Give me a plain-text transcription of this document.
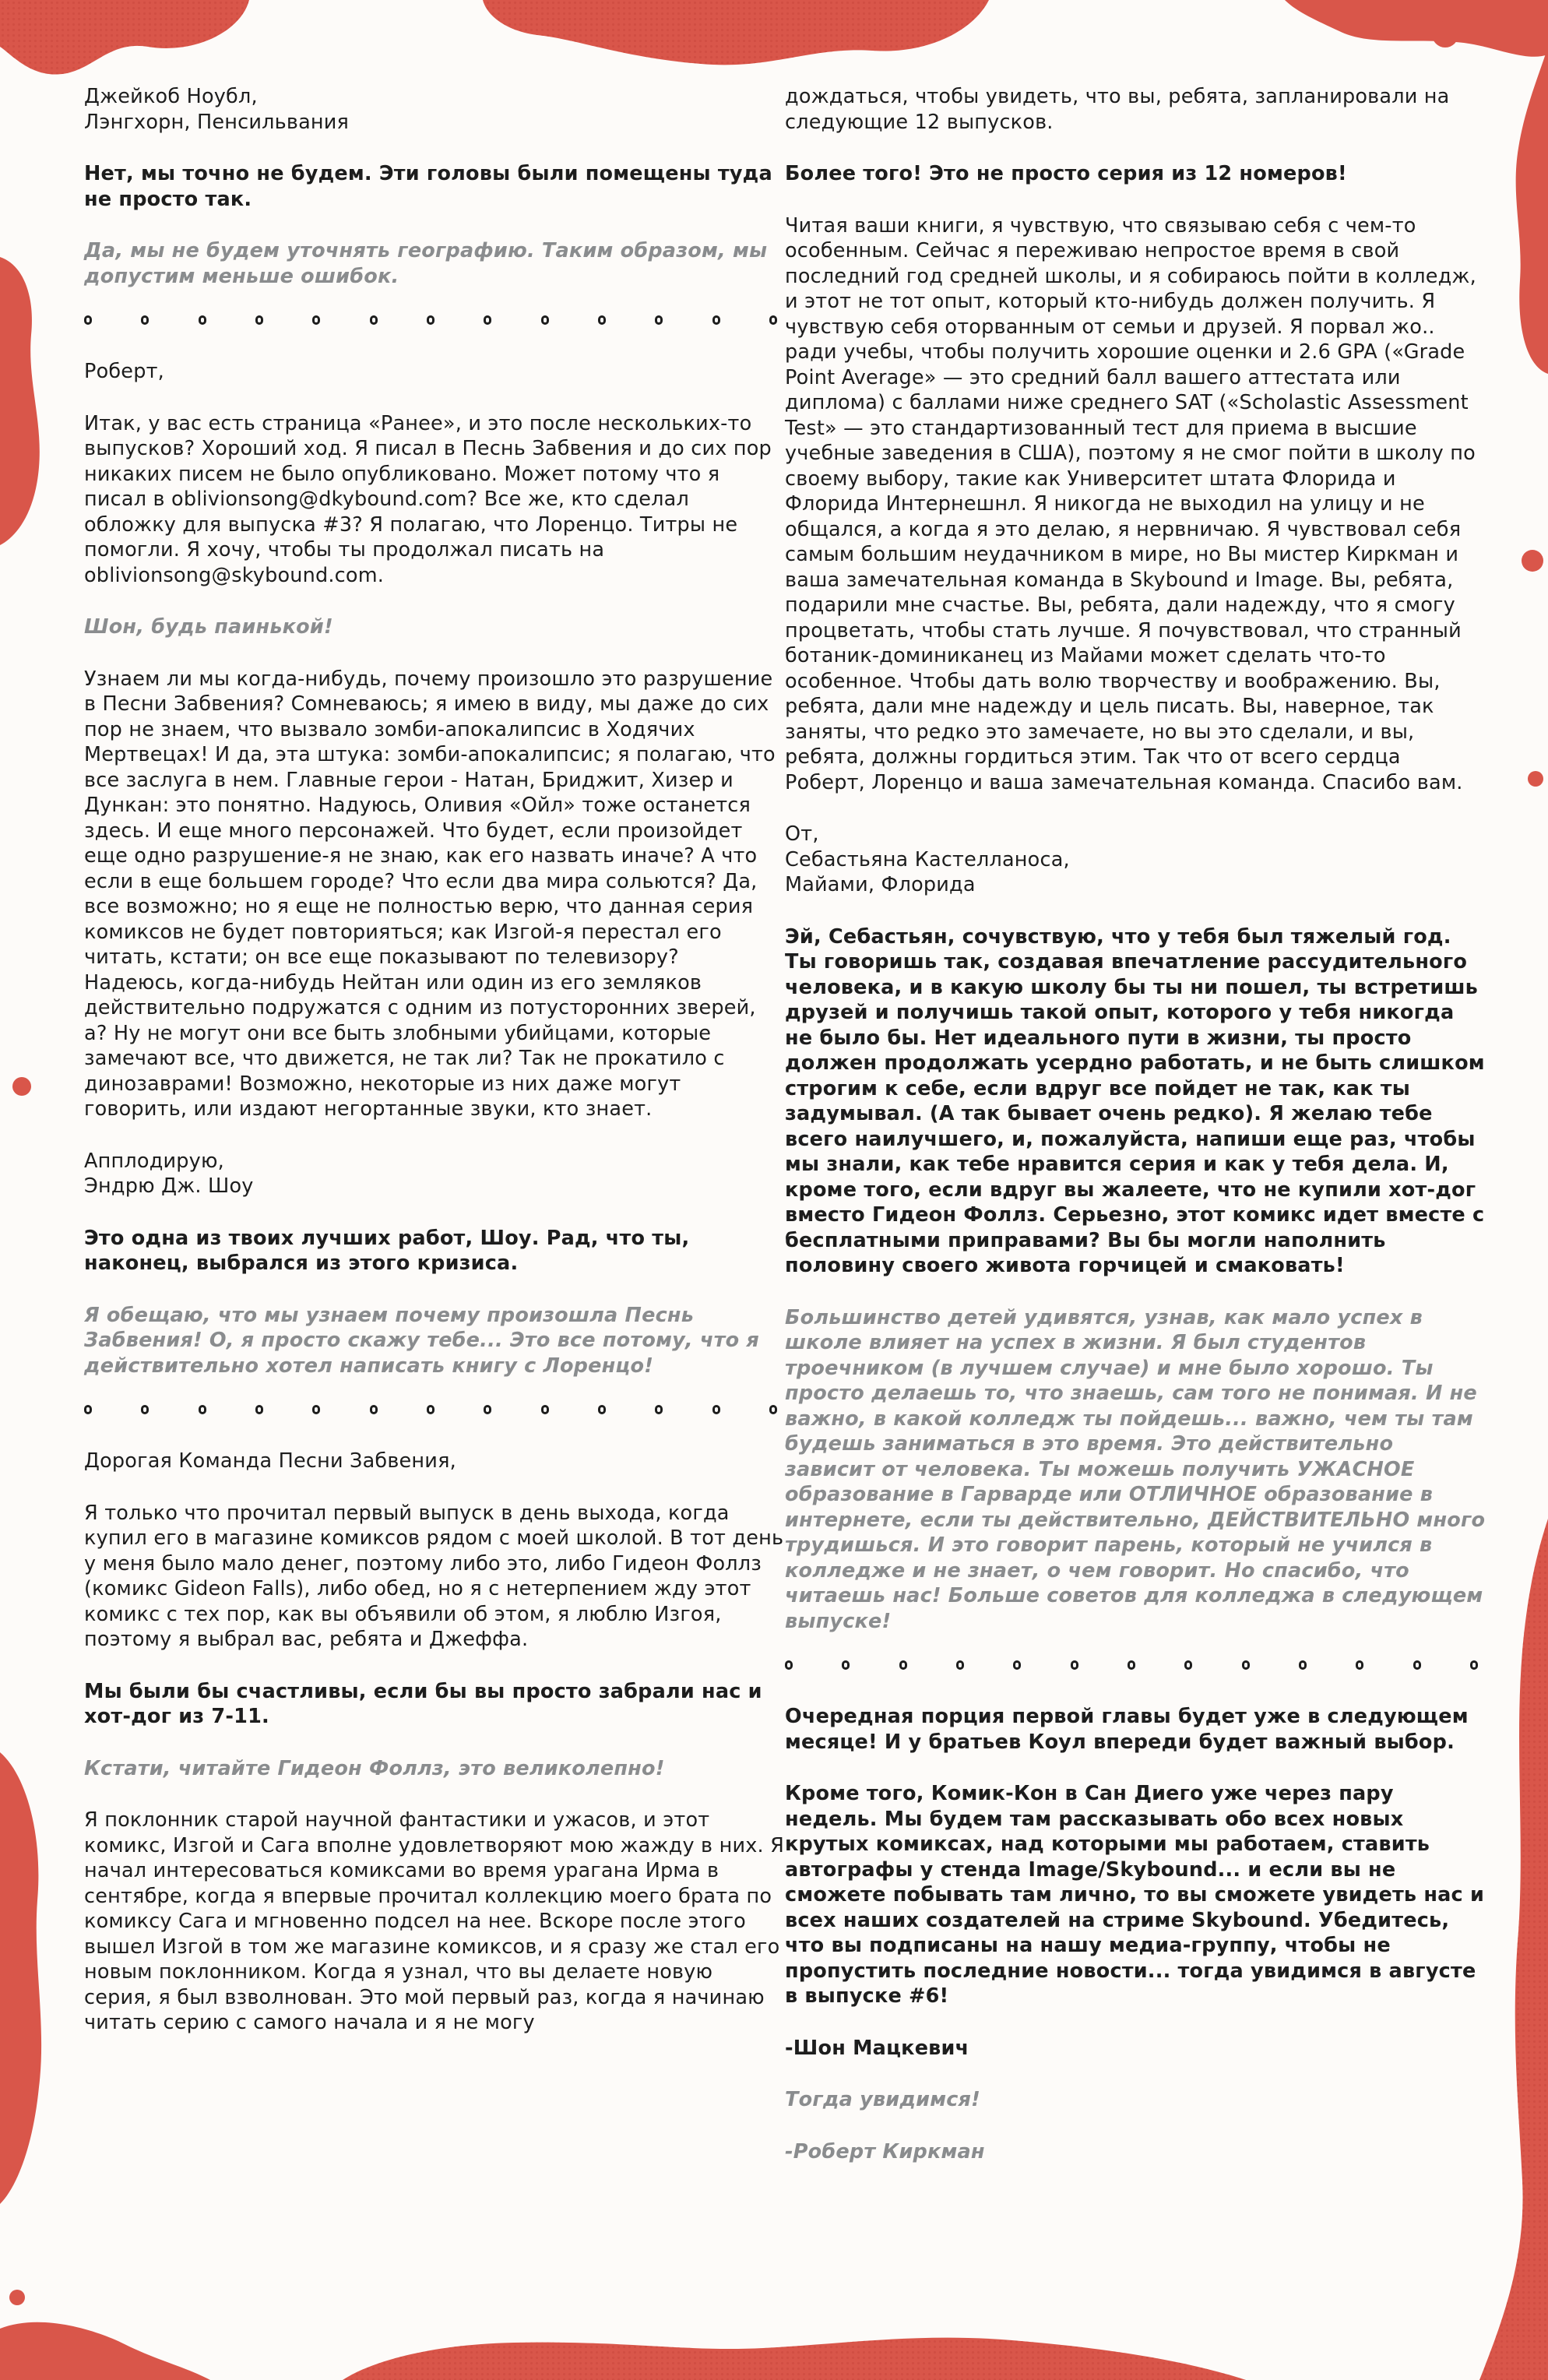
Джейкоб Ноубл,
Лэнгхорн, Пенсильвания

Нет, мы точно не будем. Эти головы были помещены туда не просто так.

Да, мы не будем уточнять географию. Таким образом, мы допустим меньше ошибок.

Роберт,

Итак, у вас есть страница «Ранее», и это после нескольких-то выпусков? Хороший ход. Я писал в Песнь Забвения и до сих пор никаких писем не было опубликовано. Может потому что я писал в oblivionsong@dkybound.com? Все же, кто сделал обложку для выпуска #3? Я полагаю, что Лоренцо. Титры не помогли. Я хочу, чтобы ты продолжал писать на oblivionsong@skybound.com.

Шон, будь паинькой!

Узнаем ли мы когда-нибудь, почему произошло это разрушение в Песни Забвения? Сомневаюсь; я имею в виду, мы даже до сих пор не знаем, что вызвало зомби-апокалипсис в Ходячих Мертвецах! И да, эта штука: зомби-апокалипсис; я полагаю, что все заслуга в нем. Главные герои - Натан, Бриджит, Хизер и Дункан: это понятно. Надуюсь, Оливия «Ойл» тоже останется здесь. И еще много персонажей. Что будет, если произойдет еще одно разрушение-я не знаю, как его назвать иначе? А что если в еще большем городе? Что если два мира сольются? Да, все возможно; но я еще не полностью верю, что данная серия комиксов не будет повторияться; как Изгой-я перестал его читать, кстати; он все еще показывают по телевизору? Надеюсь, когда-нибудь Нейтан или один из его земляков действительно подружатся с одним из потусторонних зверей, а? Ну не могут они все быть злобными убийцами, которые замечают все, что движется, не так ли? Так не прокатило с динозаврами! Возможно, некоторые из них даже могут говорить, или издают негортанные звуки, кто знает.

Апплодирую,
Эндрю Дж. Шоу

Это одна из твоих лучших работ, Шоу. Рад, что ты, наконец, выбрался из этого кризиса.

Я обещаю, что мы узнаем почему произошла Песнь Забвения! О, я просто скажу тебе... Это все потому, что я действительно хотел написать книгу с Лоренцо!

Дорогая Команда Песни Забвения,

Я только что прочитал первый выпуск в день выхода, когда купил его в магазине комиксов рядом с моей школой. В тот день у меня было мало денег, поэтому либо это, либо Гидеон Фоллз (комикс Gideon Falls), либо обед, но я с нетерпением жду этот комикс с тех пор, как вы объявили об этом, я люблю Изгоя, поэтому я выбрал вас, ребята и Джеффа.

Мы были бы счастливы, если бы вы просто забрали нас и хот-дог из 7-11.

Кстати, читайте Гидеон Фоллз, это великолепно!

Я поклонник старой научной фантастики и ужасов, и этот комикс, Изгой и Сага вполне удовлетворяют мою жажду в них. Я начал интересоваться комиксами во время урагана Ирма в сентябре, когда я впервые прочитал коллекцию моего брата по комиксу Сага и мгновенно подсел на нее. Вскоре после этого вышел Изгой в том же магазине комиксов, и я сразу же стал его новым поклонником. Когда я узнал, что вы делаете новую серия, я был взволнован. Это мой первый раз, когда я начинаю читать серию с самого начала и я не могу

дождаться, чтобы увидеть, что вы, ребята, запланировали на следующие 12 выпусков.

Более того! Это не просто серия из 12 номеров!

Читая ваши книги, я чувствую, что связываю себя с чем-то особенным. Сейчас я переживаю непростое время в свой последний год средней школы, и я собираюсь пойти в колледж, и этот не тот опыт, который кто-нибудь должен получить. Я чувствую себя оторванным от семьи и друзей. Я порвал жо.. ради учебы, чтобы получить хорошие оценки и 2.6 GPA («Grade Point Average» — это средний балл вашего аттестата или диплома) с баллами ниже среднего SAT («Scholastic Assessment Test» — это стандартизованный тест для приема в высшие учебные заведения в США), поэтому я не смог пойти в школу по своему выбору, такие как Университет штата Флорида и Флорида Интернешнл. Я никогда не выходил на улицу и не общался, а когда я это делаю, я нервничаю. Я чувствовал себя самым большим неудачником в мире, но Вы мистер Киркман и ваша замечательная команда в Skybound и Image. Вы, ребята, подарили мне счастье. Вы, ребята, дали надежду, что я смогу процветать, чтобы стать лучше. Я почувствовал, что странный ботаник-доминиканец из Майами может сделать что-то особенное. Чтобы дать волю творчеству и воображению. Вы, ребята, дали мне надежду и цель писать. Вы, наверное, так заняты, что редко это замечаете, но вы это сделали, и вы, ребята, должны гордиться этим. Так что от всего сердца Роберт, Лоренцо и ваша замечательная команда. Спасибо вам.

От,
Себастьяна Кастелланоса,
Майами, Флорида

Эй, Себастьян, сочувствую, что у тебя был тяжелый год. Ты говоришь так, создавая впечатление рассудительного человека, и в какую школу бы ты ни пошел, ты встретишь друзей и получишь такой опыт, которого у тебя никогда не было бы. Нет идеального пути в жизни, ты просто должен продолжать усердно работать, и не быть слишком строгим к себе, если вдруг все пойдет не так, как ты задумывал. (А так бывает очень редко). Я желаю тебе всего наилучшего, и, пожалуйста, напиши еще раз, чтобы мы знали, как тебе нравится серия и как у тебя дела. И, кроме того, если вдруг вы жалеете, что не купили хот-дог вместо Гидеон Фоллз. Серьезно, этот комикс идет вместе с бесплатными приправами? Вы бы могли наполнить половину своего живота горчицей и смаковать!

Большинство детей удивятся, узнав, как мало успех в школе влияет на успех в жизни. Я был студентов троечником (в лучшем случае) и мне было хорошо. Ты просто делаешь то, что знаешь, сам того не понимая. И не важно, в какой колледж ты пойдешь... важно, чем ты там будешь заниматься в это время. Это действительно зависит от человека. Ты можешь получить УЖАСНОЕ образование в Гарварде или ОТЛИЧНОЕ образование в интернете, если ты действительно, ДЕЙСТВИТЕЛЬНО много трудишься. И это говорит парень, который не учился в колледже и не знает, о чем говорит. Но спасибо, что читаешь нас! Больше советов для колледжа в следующем выпуске!

Очередная порция первой главы будет уже в следующем месяце! И у братьев Коул впереди будет важный выбор.

Кроме того, Комик-Кон в Сан Диего уже через пару недель. Мы будем там рассказывать обо всех новых крутых комиксах, над которыми мы работаем, ставить автографы у стенда Image/Skybound... и если вы не сможете побывать там лично, то вы сможете увидеть нас и всех наших создателей на стриме Skybound. Убедитесь, что вы подписаны на нашу медиа-группу, чтобы не пропустить последние новости... тогда увидимся в августе в выпуске #6!

-Шон Мацкевич

Тогда увидимся!

-Роберт Киркман
